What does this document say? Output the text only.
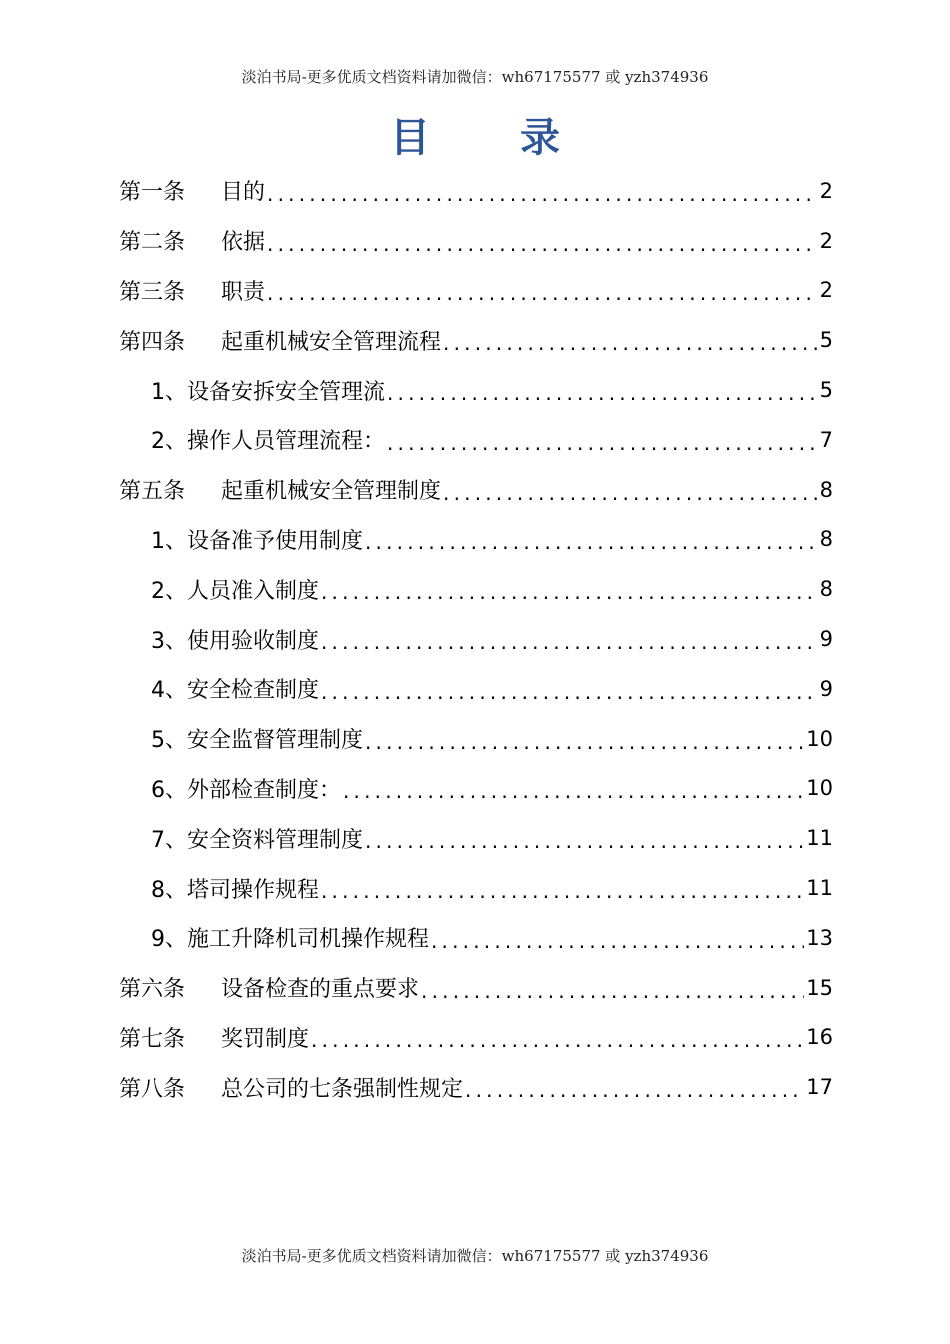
淡泊书局-更多优质文档资料请加微信：wh67175577 或 yzh374936
目 录
第一条 目的 .....	2
第二条 依据 .....	2
第三条 职责 .....	2
第四条 起重机械安全管理流程 .....	5
1、设备安拆安全管理流 .....	5
2、操作人员管理流程： .....	7
第五条 起重机械安全管理制度 .....	8
1、设备准予使用制度 .....	8
2、人员准入制度 .....	8
3、使用验收制度 .....	9
4、安全检查制度 .....	9
5、安全监督管理制度 .....	10
6、外部检查制度： .....	10
7、安全资料管理制度 .....	11
8、塔司操作规程 .....	11
9、施工升降机司机操作规程 .....	13
第六条 设备检查的重点要求 .....	15
第七条 奖罚制度 .....	16
第八条 总公司的七条强制性规定 .....	17
淡泊书局-更多优质文档资料请加微信：wh67175577 或 yzh374936
